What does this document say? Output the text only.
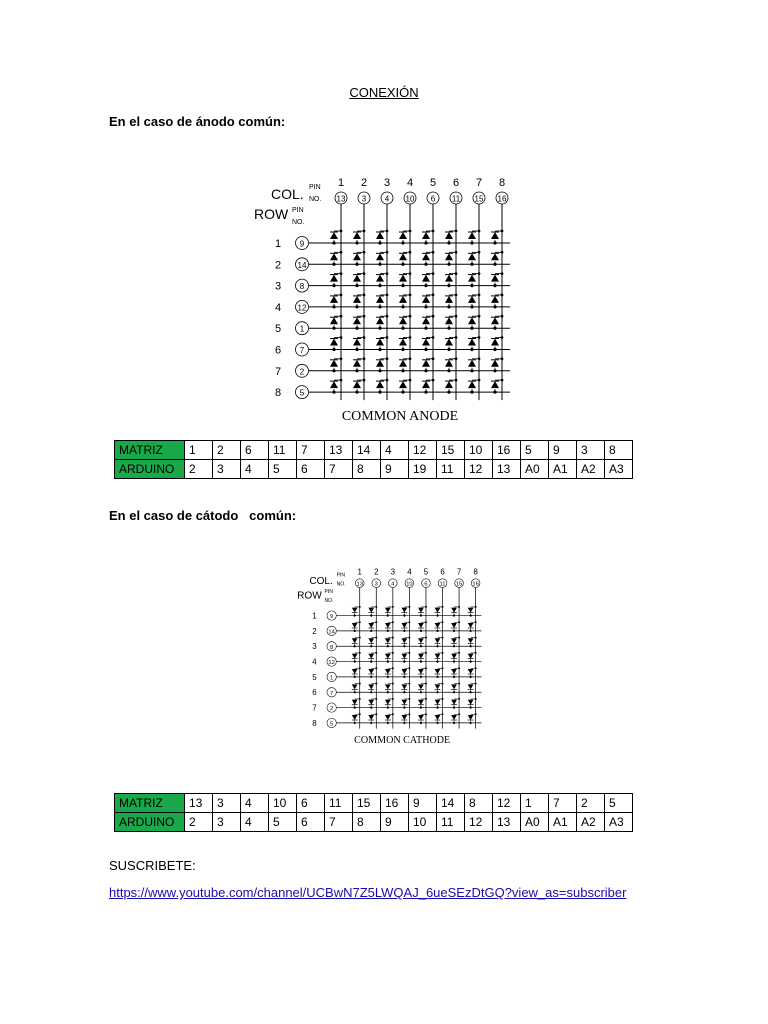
CONEXIÓN
En el caso de ánodo común:
COL. PIN
NO.
ROW PIN
NO.
1
13
2
3
3
4
4
10
5
6
6
11
7
15
8
16
1 9
2 14
3 8
4 12
5 1
6 7
7 2
8 5
COMMON ANODE
MATRIZ	1	2	6	11	7	13	14	4	12	15	10	16	5	9	3	8
ARDUINO	2	3	4	5	6	7	8	9	19	11	12	13	A0	A1	A2	A3
En el caso de cátodo   común:
COL.
PIN
NO.
ROW PIN
NO.
1
13
2
3
3
4
4
10
5
6
6
11
7
15
8
16
1 9
2 14
3 8
4 12
5 1
6 7
7 2
8 5
COMMON CATHODE
MATRIZ	13	3	4	10	6	11	15	16	9	14	8	12	1	7	2	5
ARDUINO	2	3	4	5	6	7	8	9	10	11	12	13	A0	A1	A2	A3
SUSCRIBETE:
https://www.youtube.com/channel/UCBwN7Z5LWQAJ_6ueSEzDtGQ?view_as=subscriber
